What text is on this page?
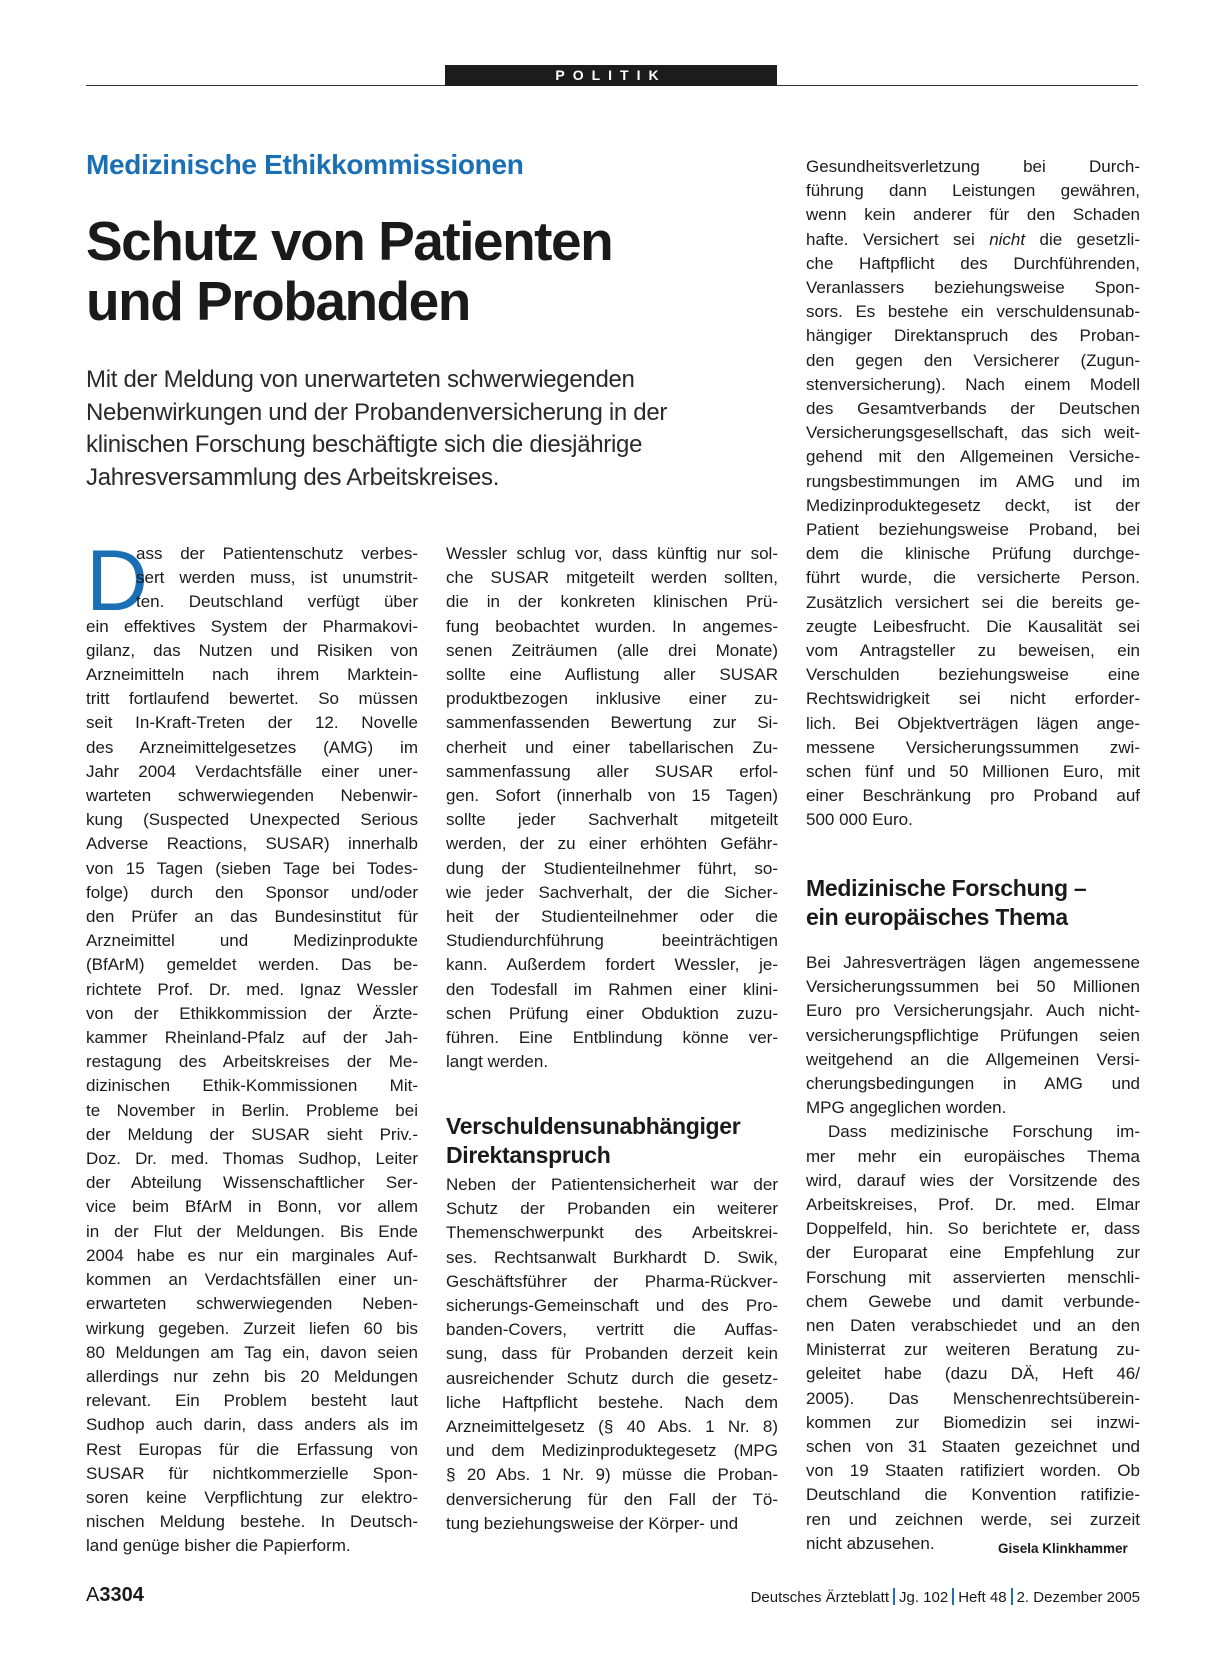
POLITIK
Medizinische Ethikkommissionen
Schutz von Patienten
und Probanden
Mit der Meldung von unerwarteten schwerwiegenden
Nebenwirkungen und der Probandenversicherung in der
klinischen Forschung beschäftigte sich die diesjährige
Jahresversammlung des Arbeitskreises.
D
ass der Patientenschutz verbes-
sert werden muss, ist unumstrit-
ten. Deutschland verfügt über
ein effektives System der Pharmakovi-
gilanz, das Nutzen und Risiken von
Arzneimitteln nach ihrem Marktein-
tritt fortlaufend bewertet. So müssen
seit In-Kraft-Treten der 12. Novelle
des Arzneimittelgesetzes (AMG) im
Jahr 2004 Verdachtsfälle einer uner-
warteten schwerwiegenden Nebenwir-
kung (Suspected Unexpected Serious
Adverse Reactions, SUSAR) innerhalb
von 15 Tagen (sieben Tage bei Todes-
folge) durch den Sponsor und/oder
den Prüfer an das Bundesinstitut für
Arzneimittel und Medizinprodukte
(BfArM) gemeldet werden. Das be-
richtete Prof. Dr. med. Ignaz Wessler
von der Ethikkommission der Ärzte-
kammer Rheinland-Pfalz auf der Jah-
restagung des Arbeitskreises der Me-
dizinischen Ethik-Kommissionen Mit-
te November in Berlin. Probleme bei
der Meldung der SUSAR sieht Priv.-
Doz. Dr. med. Thomas Sudhop, Leiter
der Abteilung Wissenschaftlicher Ser-
vice beim BfArM in Bonn, vor allem
in der Flut der Meldungen. Bis Ende
2004 habe es nur ein marginales Auf-
kommen an Verdachtsfällen einer un-
erwarteten schwerwiegenden Neben-
wirkung gegeben. Zurzeit liefen 60 bis
80 Meldungen am Tag ein, davon seien
allerdings nur zehn bis 20 Meldungen
relevant. Ein Problem besteht laut
Sudhop auch darin, dass anders als im
Rest Europas für die Erfassung von
SUSAR für nichtkommerzielle Spon-
soren keine Verpflichtung zur elektro-
nischen Meldung bestehe. In Deutsch-
land genüge bisher die Papierform.
Wessler schlug vor, dass künftig nur sol-
che SUSAR mitgeteilt werden sollten,
die in der konkreten klinischen Prü-
fung beobachtet wurden. In angemes-
senen Zeiträumen (alle drei Monate)
sollte eine Auflistung aller SUSAR
produktbezogen inklusive einer zu-
sammenfassenden Bewertung zur Si-
cherheit und einer tabellarischen Zu-
sammenfassung aller SUSAR erfol-
gen. Sofort (innerhalb von 15 Tagen)
sollte jeder Sachverhalt mitgeteilt
werden, der zu einer erhöhten Gefähr-
dung der Studienteilnehmer führt, so-
wie jeder Sachverhalt, der die Sicher-
heit der Studienteilnehmer oder die
Studiendurchführung beeinträchtigen
kann. Außerdem fordert Wessler, je-
den Todesfall im Rahmen einer klini-
schen Prüfung einer Obduktion zuzu-
führen. Eine Entblindung könne ver-
langt werden.
Verschuldensunabhängiger
Direktanspruch
Neben der Patientensicherheit war der
Schutz der Probanden ein weiterer
Themenschwerpunkt des Arbeitskrei-
ses. Rechtsanwalt Burkhardt D. Swik,
Geschäftsführer der Pharma-Rückver-
sicherungs-Gemeinschaft und des Pro-
banden-Covers, vertritt die Auffas-
sung, dass für Probanden derzeit kein
ausreichender Schutz durch die gesetz-
liche Haftpflicht bestehe. Nach dem
Arzneimittelgesetz (§ 40 Abs. 1 Nr. 8)
und dem Medizinproduktegesetz (MPG
§ 20 Abs. 1 Nr. 9) müsse die Proban-
denversicherung für den Fall der Tö-
tung beziehungsweise der Körper- und
Gesundheitsverletzung bei Durch-
führung dann Leistungen gewähren,
wenn kein anderer für den Schaden
hafte. Versichert sei nicht die gesetzli-
che Haftpflicht des Durchführenden,
Veranlassers beziehungsweise Spon-
sors. Es bestehe ein verschuldensunab-
hängiger Direktanspruch des Proban-
den gegen den Versicherer (Zugun-
stenversicherung). Nach einem Modell
des Gesamtverbands der Deutschen
Versicherungsgesellschaft, das sich weit-
gehend mit den Allgemeinen Versiche-
rungsbestimmungen im AMG und im
Medizinproduktegesetz deckt, ist der
Patient beziehungsweise Proband, bei
dem die klinische Prüfung durchge-
führt wurde, die versicherte Person.
Zusätzlich versichert sei die bereits ge-
zeugte Leibesfrucht. Die Kausalität sei
vom Antragsteller zu beweisen, ein
Verschulden beziehungsweise eine
Rechtswidrigkeit sei nicht erforder-
lich. Bei Objektverträgen lägen ange-
messene Versicherungssummen zwi-
schen fünf und 50 Millionen Euro, mit
einer Beschränkung pro Proband auf
500 000 Euro.
Medizinische Forschung –
ein europäisches Thema
Bei Jahresverträgen lägen angemessene
Versicherungssummen bei 50 Millionen
Euro pro Versicherungsjahr. Auch nicht-
versicherungspflichtige Prüfungen seien
weitgehend an die Allgemeinen Versi-
cherungsbedingungen in AMG und
MPG angeglichen worden.
Dass medizinische Forschung im-
mer mehr ein europäisches Thema
wird, darauf wies der Vorsitzende des
Arbeitskreises, Prof. Dr. med. Elmar
Doppelfeld, hin. So berichtete er, dass
der Europarat eine Empfehlung zur
Forschung mit asservierten menschli-
chem Gewebe und damit verbunde-
nen Daten verabschiedet und an den
Ministerrat zur weiteren Beratung zu-
geleitet habe (dazu DÄ, Heft 46/
2005). Das Menschenrechtsüberein-
kommen zur Biomedizin sei inzwi-
schen von 31 Staaten gezeichnet und
von 19 Staaten ratifiziert worden. Ob
Deutschland die Konvention ratifizie-
ren und zeichnen werde, sei zurzeit
nicht abzusehen.	Gisela Klinkhammer
A3304	Deutsches Ärzteblatt Jg. 102 Heft 48 2. Dezember 2005
